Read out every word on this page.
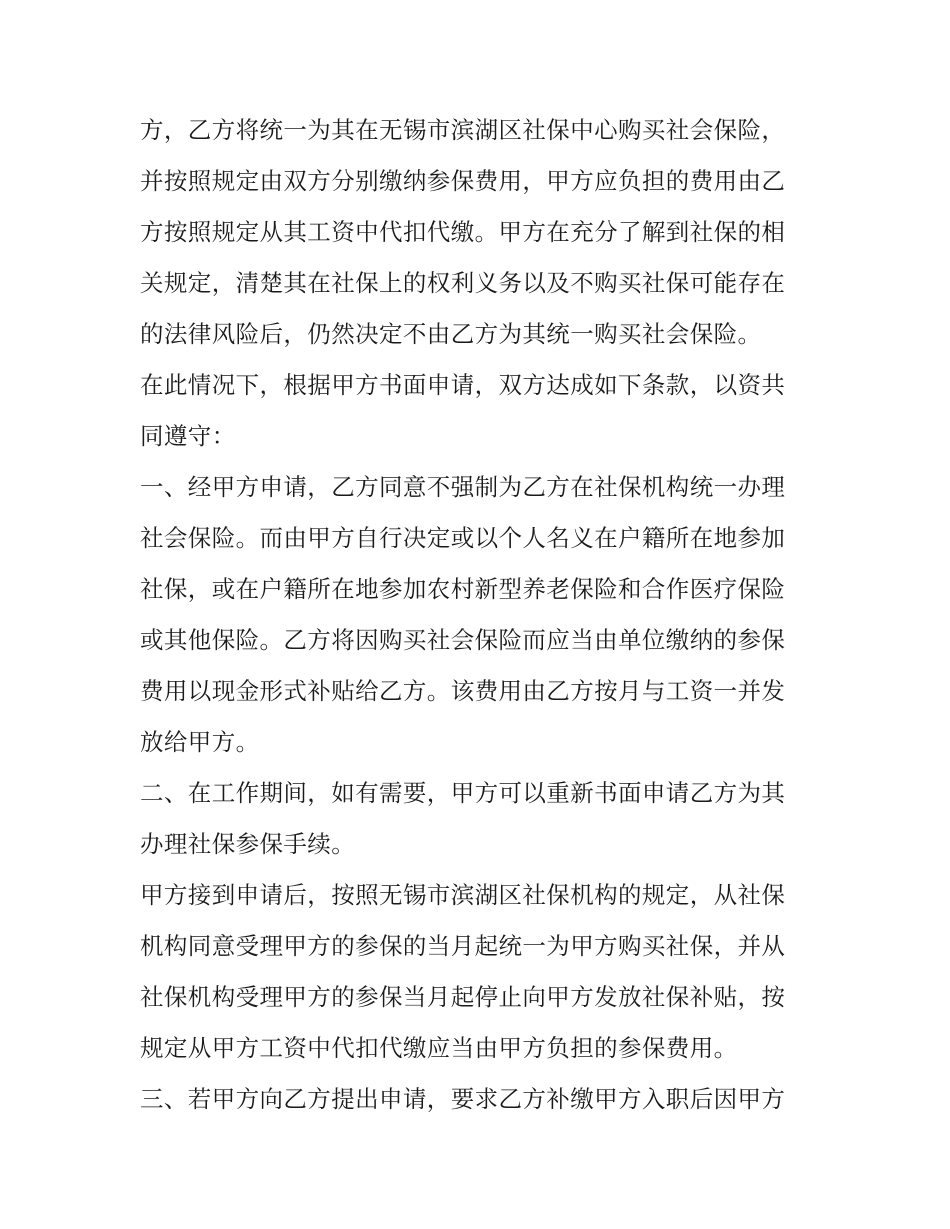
方，乙方将统一为其在无锡市滨湖区社保中心购买社会保险，
并按照规定由双方分别缴纳参保费用，甲方应负担的费用由乙
方按照规定从其工资中代扣代缴。甲方在充分了解到社保的相
关规定，清楚其在社保上的权利义务以及不购买社保可能存在
的法律风险后，仍然决定不由乙方为其统一购买社会保险。
在此情况下，根据甲方书面申请，双方达成如下条款，以资共
同遵守：
一、经甲方申请，乙方同意不强制为乙方在社保机构统一办理
社会保险。而由甲方自行决定或以个人名义在户籍所在地参加
社保，或在户籍所在地参加农村新型养老保险和合作医疗保险
或其他保险。乙方将因购买社会保险而应当由单位缴纳的参保
费用以现金形式补贴给乙方。该费用由乙方按月与工资一并发
放给甲方。
二、在工作期间，如有需要，甲方可以重新书面申请乙方为其
办理社保参保手续。
甲方接到申请后，按照无锡市滨湖区社保机构的规定，从社保
机构同意受理甲方的参保的当月起统一为甲方购买社保，并从
社保机构受理甲方的参保当月起停止向甲方发放社保补贴，按
规定从甲方工资中代扣代缴应当由甲方负担的参保费用。
三、若甲方向乙方提出申请，要求乙方补缴甲方入职后因甲方
